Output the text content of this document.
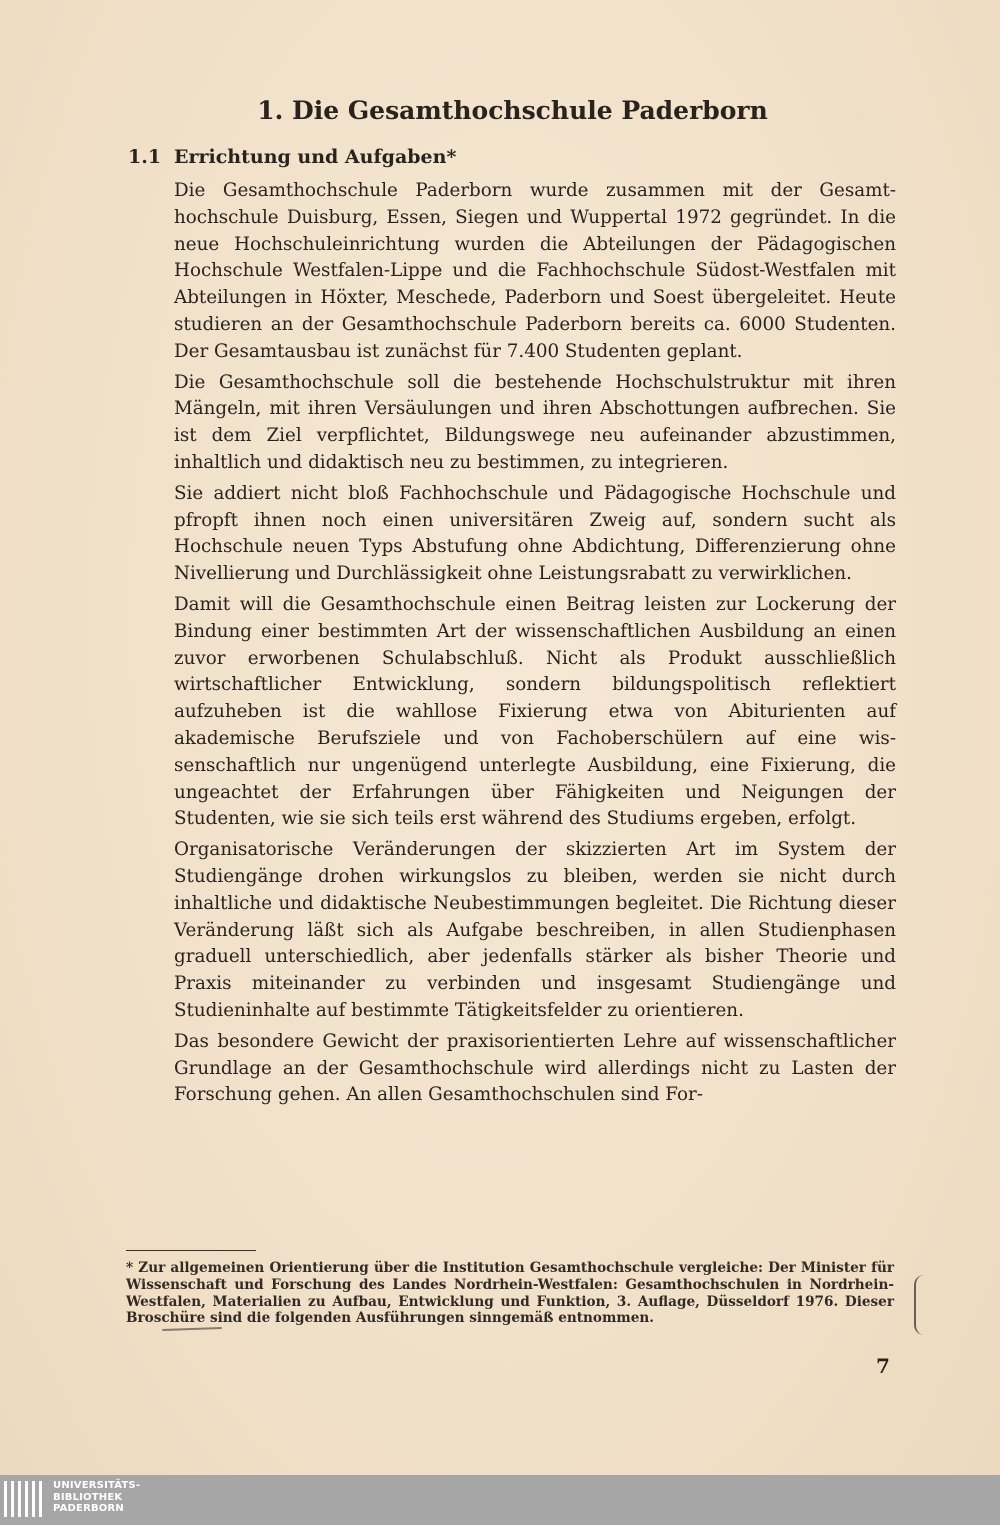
1. Die Gesamthochschule Paderborn
1.1 Errichtung und Aufgaben*

Die Gesamthochschule Paderborn wurde zusammen mit der Gesamthochschule Duisburg, Essen, Siegen und Wuppertal 1972 gegründet. In die neue Hochschuleinrichtung wurden die Abteilungen der Pädagogischen Hochschule Westfalen-Lippe und die Fachhochschule Südost-Westfalen mit Abteilungen in Höxter, Meschede, Paderborn und Soest übergeleitet. Heute studieren an der Gesamthochschule Paderborn bereits ca. 6000 Studenten. Der Gesamtausbau ist zunächst für 7.400 Studenten geplant.

Die Gesamthochschule soll die bestehende Hochschulstruktur mit ihren Mängeln, mit ihren Versäulungen und ihren Abschottungen aufbrechen. Sie ist dem Ziel verpflichtet, Bildungswege neu aufeinander abzustimmen, inhaltlich und didaktisch neu zu bestimmen, zu integrieren.

Sie addiert nicht bloß Fachhochschule und Pädagogische Hochschule und pfropft ihnen noch einen universitären Zweig auf, sondern sucht als Hochschule neuen Typs Abstufung ohne Abdichtung, Differenzierung ohne Nivellierung und Durchlässigkeit ohne Leistungsrabatt zu verwirklichen.

Damit will die Gesamthochschule einen Beitrag leisten zur Lockerung der Bindung einer bestimmten Art der wissenschaftlichen Ausbildung an einen zuvor erworbenen Schulabschluß. Nicht als Produkt ausschließlich wirtschaftlicher Entwicklung, sondern bildungspolitisch reflektiert aufzuheben ist die wahllose Fixierung etwa von Abiturienten auf akademische Berufsziele und von Fachoberschülern auf eine wissenschaftlich nur ungenügend unterlegte Ausbildung, eine Fixierung, die ungeachtet der Erfahrungen über Fähigkeiten und Neigungen der Studenten, wie sie sich teils erst während des Studiums ergeben, erfolgt.

Organisatorische Veränderungen der skizzierten Art im System der Studiengänge drohen wirkungslos zu bleiben, werden sie nicht durch inhaltliche und didaktische Neubestimmungen begleitet. Die Richtung dieser Veränderung läßt sich als Aufgabe beschreiben, in allen Studienphasen graduell unterschiedlich, aber jedenfalls stärker als bisher Theorie und Praxis miteinander zu verbinden und insgesamt Studiengänge und Studieninhalte auf bestimmte Tätigkeitsfelder zu orientieren.

Das besondere Gewicht der praxisorientierten Lehre auf wissenschaftlicher Grundlage an der Gesamthochschule wird allerdings nicht zu Lasten der Forschung gehen. An allen Gesamthochschulen sind For-

* Zur allgemeinen Orientierung über die Institution Gesamthochschule vergleiche: Der Minister für Wissenschaft und Forschung des Landes Nordrhein-Westfalen: Gesamthochschulen in Nordrhein-Westfalen, Materialien zu Aufbau, Entwicklung und Funktion, 3. Auflage, Düsseldorf 1976. Dieser Broschüre sind die folgenden Ausführungen sinngemäß entnommen.
7
UNIVERSITÄTS-
BIBLIOTHEK
PADERBORN
